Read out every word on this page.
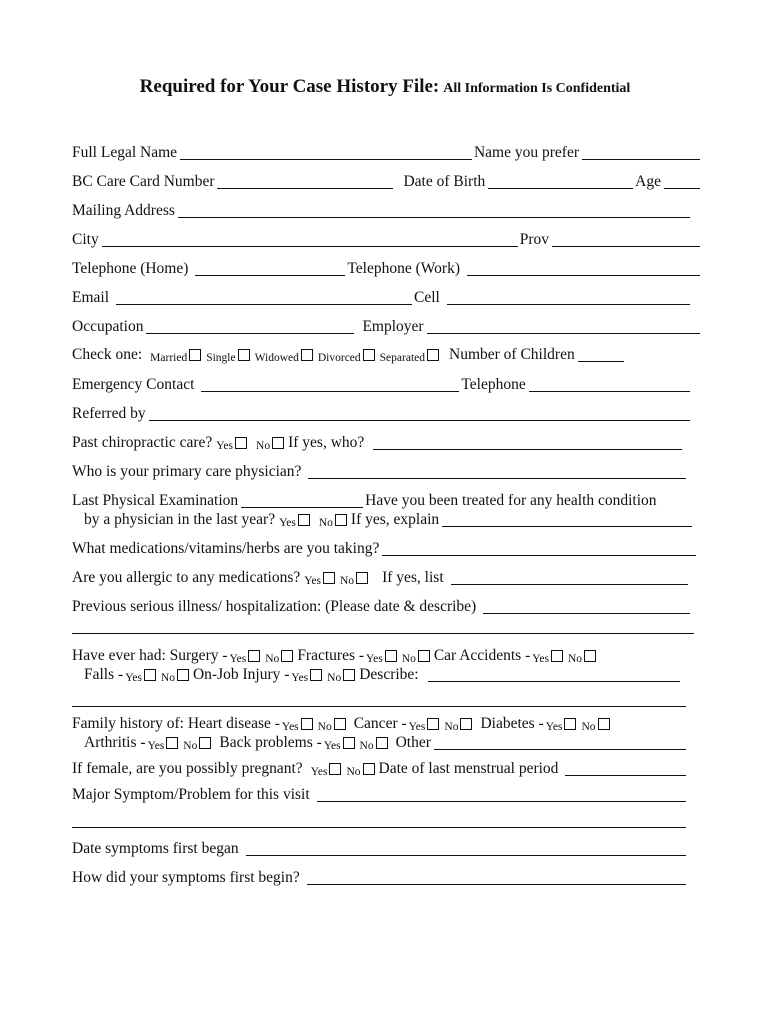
Required for Your Case History File: All Information Is Confidential
Full Legal Name	Name you prefer
BC Care Card Number	Date of Birth	Age
Mailing Address
City	Prov
Telephone (Home)	Telephone (Work)
Email	Cell
Occupation	Employer
Check one: Married Single Widowed Divorced Separated Number of Children
Emergency Contact	Telephone
Referred by
Past chiropractic care? Yes No If yes, who?
Who is your primary care physician?
Last Physical Examination	Have you been treated for any health condition
by a physician in the last year? Yes No If yes, explain
What medications/vitamins/herbs are you taking?
Are you allergic to any medications? Yes No If yes, list
Previous serious illness/ hospitalization: (Please date & describe)
Have ever had: Surgery - Yes No Fractures - Yes No Car Accidents - Yes No
Falls - Yes No On-Job Injury - Yes No Describe:
Family history of: Heart disease - Yes No Cancer - Yes No Diabetes - Yes No
Arthritis - Yes No Back problems - Yes No Other
If female, are you possibly pregnant? Yes No Date of last menstrual period
Major Symptom/Problem for this visit
Date symptoms first began
How did your symptoms first begin?
